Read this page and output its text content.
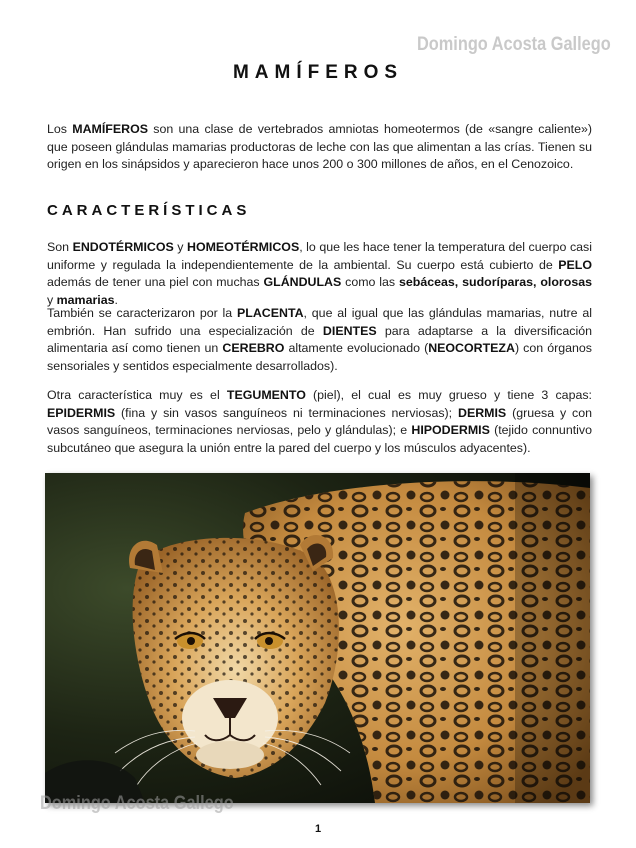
Domingo Acosta Gallego
MAMÍFEROS

Los MAMÍFEROS son una clase de vertebrados amniotas homeotermos (de «sangre caliente») que poseen glándulas mamarias productoras de leche con las que alimentan a las crías. Tienen su origen en los sinápsidos y aparecieron hace unos 200 o 300 millones de años, en el Cenozoico.

CARACTERÍSTICAS

Son ENDOTÉRMICOS y HOMEOTÉRMICOS, lo que les hace tener la temperatura del cuerpo casi uniforme y regulada la independientemente de la ambiental. Su cuerpo está cubierto de PELO además de tener una piel con muchas GLÁNDULAS como las sebáceas, sudoríparas, olorosas y mamarias.

También se caracterizaron por la PLACENTA, que al igual que las glándulas mamarias, nutre al embrión. Han sufrido una especialización de DIENTES para adaptarse a la diversificación alimentaria así como tienen un CEREBRO altamente evolucionado (NEOCORTEZA) con órganos sensoriales y sentidos especialmente desarrollados).

Otra característica muy es el TEGUMENTO (piel), el cual es muy grueso y tiene 3 capas: EPIDERMIS (fina y sin vasos sanguíneos ni terminaciones nerviosas); DERMIS (gruesa y con vasos sanguíneos, terminaciones nerviosas, pelo y glándulas); e HIPODERMIS (tejido connuntivo subcutáneo que asegura la unión entre la pared del cuerpo y los músculos adyacentes).

Domingo Acosta Gallego
1
